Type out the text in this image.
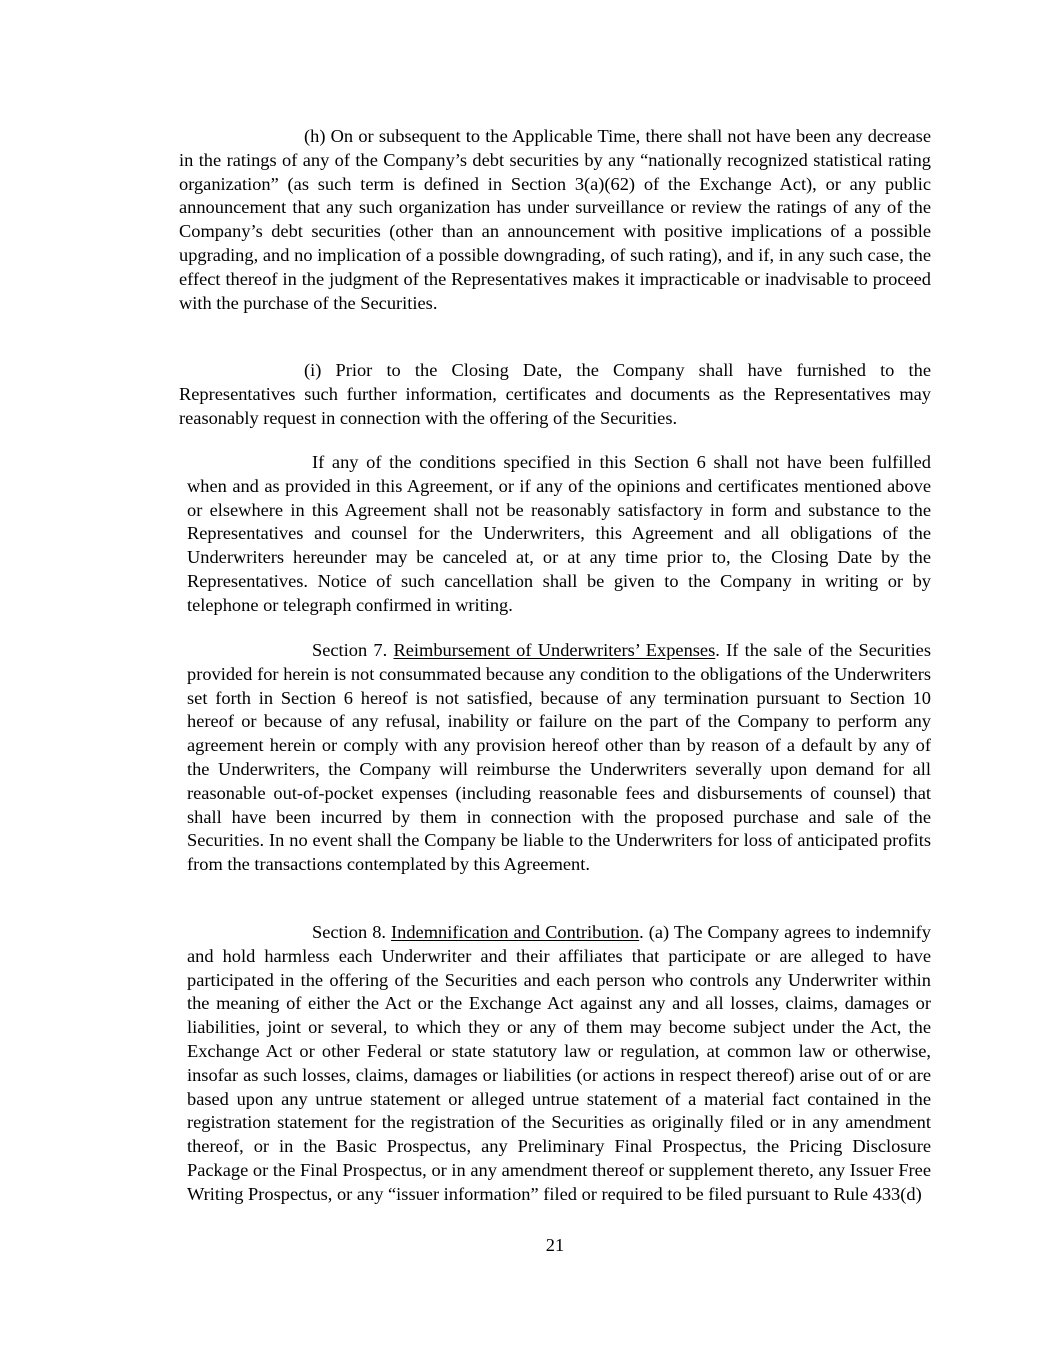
(h) On or subsequent to the Applicable Time, there shall not have been any decrease in the ratings of any of the Company’s debt securities by any “nationally recognized statistical rating organization” (as such term is defined in Section 3(a)(62) of the Exchange Act), or any public announcement that any such organization has under surveillance or review the ratings of any of the Company’s debt securities (other than an announcement with positive implications of a possible upgrading, and no implication of a possible downgrading, of such rating), and if, in any such case, the effect thereof in the judgment of the Representatives makes it impracticable or inadvisable to proceed with the purchase of the Securities.

(i) Prior to the Closing Date, the Company shall have furnished to the Representatives such further information, certificates and documents as the Representatives may reasonably request in connection with the offering of the Securities.

If any of the conditions specified in this Section 6 shall not have been fulfilled when and as provided in this Agreement, or if any of the opinions and certificates mentioned above or elsewhere in this Agreement shall not be reasonably satisfactory in form and substance to the Representatives and counsel for the Underwriters, this Agreement and all obligations of the Underwriters hereunder may be canceled at, or at any time prior to, the Closing Date by the Representatives. Notice of such cancellation shall be given to the Company in writing or by telephone or telegraph confirmed in writing.

Section 7. Reimbursement of Underwriters’ Expenses. If the sale of the Securities provided for herein is not consummated because any condition to the obligations of the Underwriters set forth in Section 6 hereof is not satisfied, because of any termination pursuant to Section 10 hereof or because of any refusal, inability or failure on the part of the Company to perform any agreement herein or comply with any provision hereof other than by reason of a default by any of the Underwriters, the Company will reimburse the Underwriters severally upon demand for all reasonable out-of-pocket expenses (including reasonable fees and disbursements of counsel) that shall have been incurred by them in connection with the proposed purchase and sale of the Securities. In no event shall the Company be liable to the Underwriters for loss of anticipated profits from the transactions contemplated by this Agreement.

Section 8. Indemnification and Contribution. (a) The Company agrees to indemnify and hold harmless each Underwriter and their affiliates that participate or are alleged to have participated in the offering of the Securities and each person who controls any Underwriter within the meaning of either the Act or the Exchange Act against any and all losses, claims, damages or liabilities, joint or several, to which they or any of them may become subject under the Act, the Exchange Act or other Federal or state statutory law or regulation, at common law or otherwise, insofar as such losses, claims, damages or liabilities (or actions in respect thereof) arise out of or are based upon any untrue statement or alleged untrue statement of a material fact contained in the registration statement for the registration of the Securities as originally filed or in any amendment thereof, or in the Basic Prospectus, any Preliminary Final Prospectus, the Pricing Disclosure Package or the Final Prospectus, or in any amendment thereof or supplement thereto, any Issuer Free Writing Prospectus, or any “issuer information” filed or required to be filed pursuant to Rule 433(d)

21
